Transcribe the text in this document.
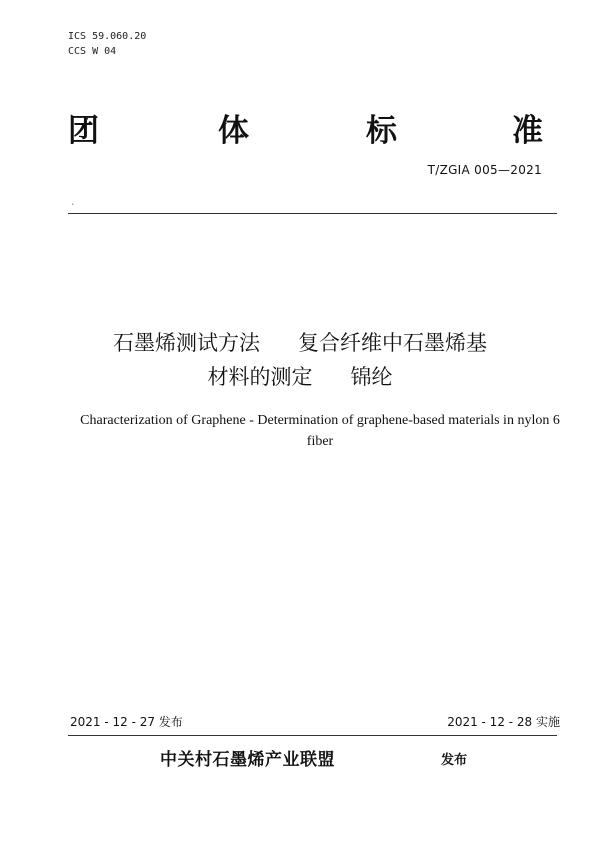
ICS 59.060.20
CCS W 04
团	体	标	准
T/ZGIA 005—2021
`
石墨烯测试方法 复合纤维中石墨烯基
材料的测定 锦纶
Characterization of Graphene - Determination of graphene-based materials in nylon 6
fiber
2021 - 12 - 27 发布	2021 - 12 - 28 实施
中关村石墨烯产业联盟	发布
